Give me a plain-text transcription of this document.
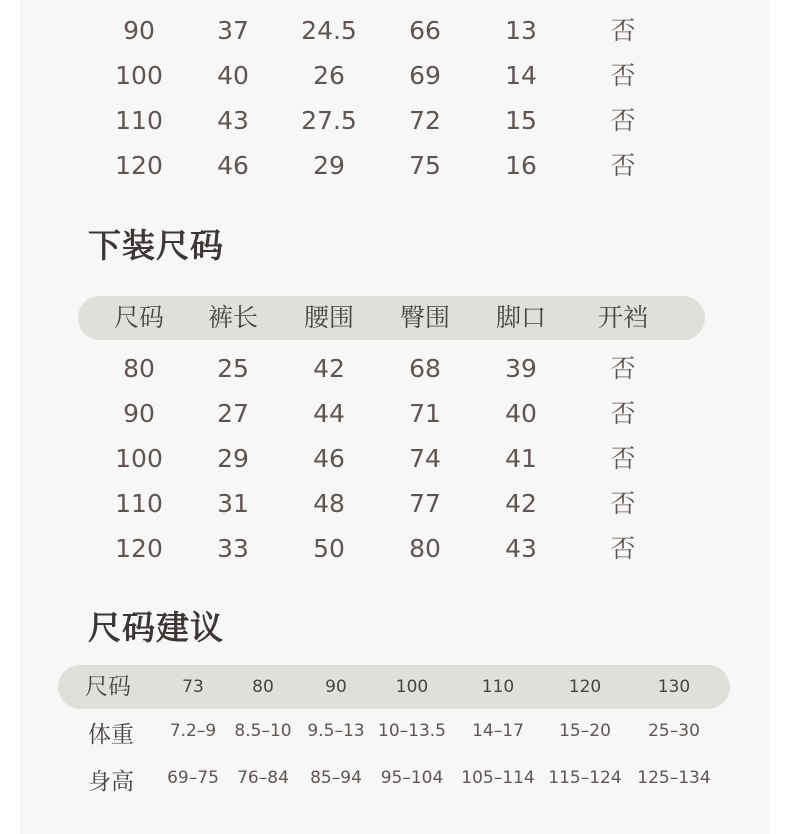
90 37 24.5 66	13	否
100 40	26	69	14	否
110 43 27.5 72	15	否
120 46	29	75	16	否
下装尺码
尺码 裤长 腰围 臀围 脚口 开裆
80 25	42	68	39	否
90 27	44	71	40	否
100 29	46	74	41	否
110 31	48	77	42	否
120 33	50	80	43	否
尺码建议
尺码	73	80	90	100	110	120	130
体重 7.2–9 8.5–10 9.5–13 10–13.5 14–17 15–20 25–30
身高 69–75 76–84 85–94 95–104 105–114 115–124 125–134
